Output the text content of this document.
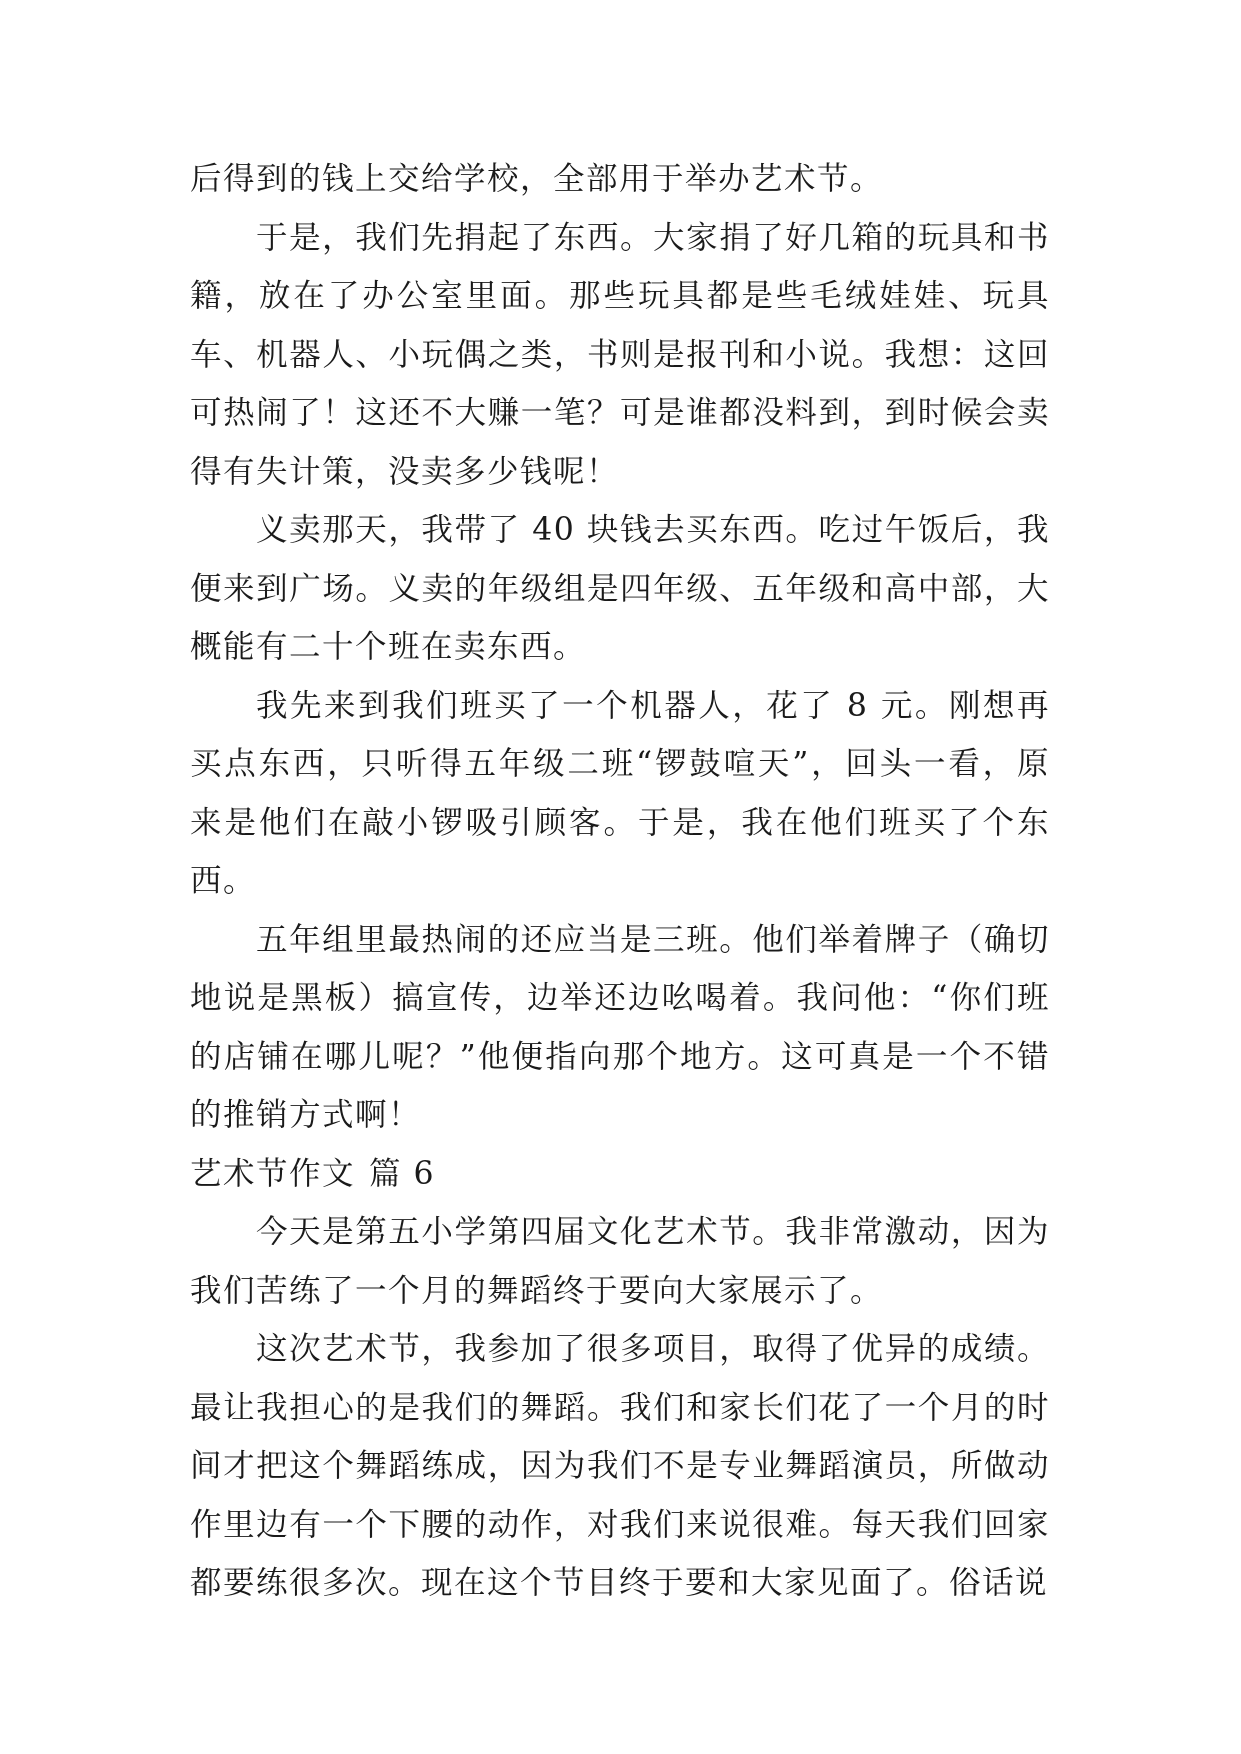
后得到的钱上交给学校，全部用于举办艺术节。

于是，我们先捐起了东西。大家捐了好几箱的玩具和书籍，放在了办公室里面。那些玩具都是些毛绒娃娃、玩具车、机器人、小玩偶之类，书则是报刊和小说。我想：这回可热闹了！这还不大赚一笔？可是谁都没料到，到时候会卖得有失计策，没卖多少钱呢！

义卖那天，我带了 40 块钱去买东西。吃过午饭后，我便来到广场。义卖的年级组是四年级、五年级和高中部，大概能有二十个班在卖东西。

我先来到我们班买了一个机器人，花了 8 元。刚想再买点东西，只听得五年级二班“锣鼓喧天”，回头一看，原来是他们在敲小锣吸引顾客。于是，我在他们班买了个东西。

五年组里最热闹的还应当是三班。他们举着牌子（确切地说是黑板）搞宣传，边举还边吆喝着。我问他：“你们班的店铺在哪儿呢？”他便指向那个地方。这可真是一个不错的推销方式啊！

艺术节作文 篇 6

今天是第五小学第四届文化艺术节。我非常激动，因为我们苦练了一个月的舞蹈终于要向大家展示了。

这次艺术节，我参加了很多项目，取得了优异的成绩。最让我担心的是我们的舞蹈。我们和家长们花了一个月的时间才把这个舞蹈练成，因为我们不是专业舞蹈演员，所做动作里边有一个下腰的动作，对我们来说很难。每天我们回家都要练很多次。现在这个节目终于要和大家见面了。俗话说
